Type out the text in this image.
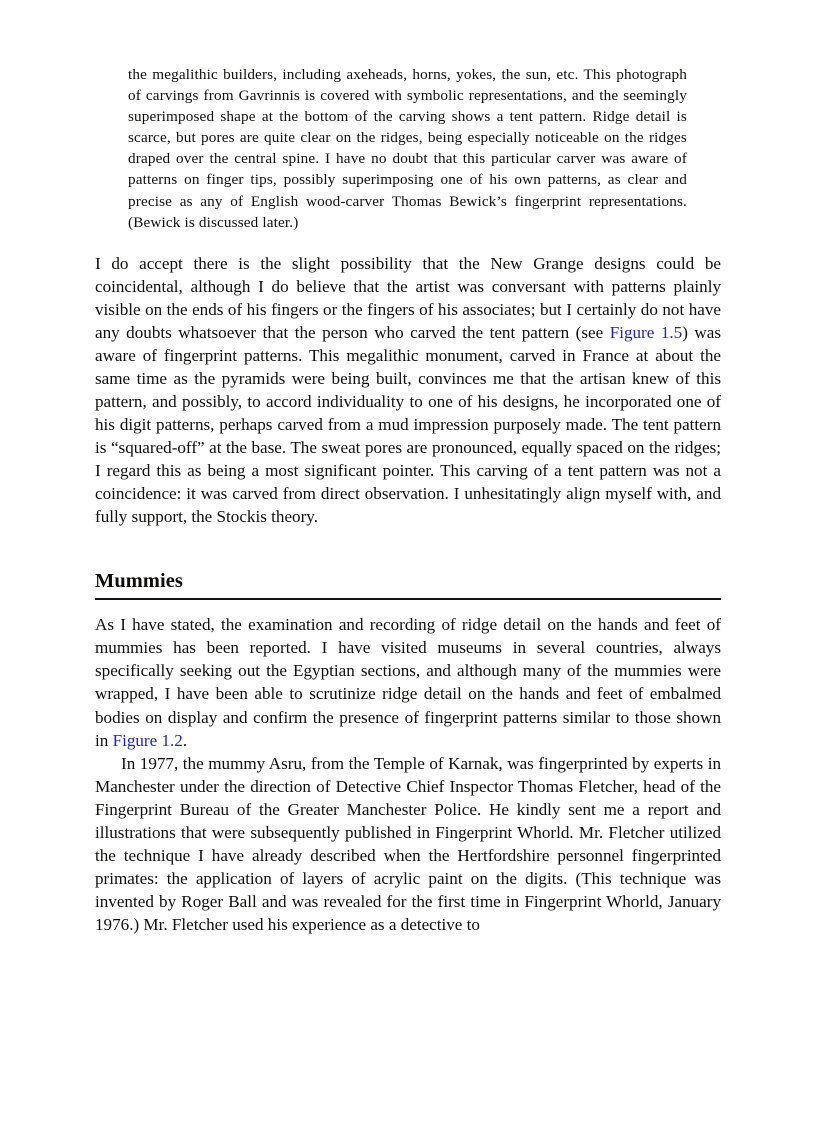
the megalithic builders, including axeheads, horns, yokes, the sun, etc. This photograph of carvings from Gavrinnis is covered with symbolic representations, and the seemingly superimposed shape at the bottom of the carving shows a tent pattern. Ridge detail is scarce, but pores are quite clear on the ridges, being especially noticeable on the ridges draped over the central spine. I have no doubt that this particular carver was aware of patterns on finger tips, possibly superimposing one of his own patterns, as clear and precise as any of English wood-carver Thomas Bewick’s fingerprint representations. (Bewick is discussed later.)

I do accept there is the slight possibility that the New Grange designs could be coincidental, although I do believe that the artist was conversant with patterns plainly visible on the ends of his fingers or the fingers of his associates; but I certainly do not have any doubts whatsoever that the person who carved the tent pattern (see Figure 1.5) was aware of fingerprint patterns. This megalithic monument, carved in France at about the same time as the pyramids were being built, convinces me that the artisan knew of this pattern, and possibly, to accord individuality to one of his designs, he incorporated one of his digit patterns, perhaps carved from a mud impression purposely made. The tent pattern is “squared-off” at the base. The sweat pores are pronounced, equally spaced on the ridges; I regard this as being a most significant pointer. This carving of a tent pattern was not a coincidence: it was carved from direct observation. I unhesitatingly align myself with, and fully support, the Stockis theory.

Mummies

As I have stated, the examination and recording of ridge detail on the hands and feet of mummies has been reported. I have visited museums in several countries, always specifically seeking out the Egyptian sections, and although many of the mummies were wrapped, I have been able to scrutinize ridge detail on the hands and feet of embalmed bodies on display and confirm the presence of fingerprint patterns similar to those shown in Figure 1.2.

In 1977, the mummy Asru, from the Temple of Karnak, was fingerprinted by experts in Manchester under the direction of Detective Chief Inspector Thomas Fletcher, head of the Fingerprint Bureau of the Greater Manchester Police. He kindly sent me a report and illustrations that were subsequently published in Fingerprint Whorld. Mr. Fletcher utilized the technique I have already described when the Hertfordshire personnel fingerprinted primates: the application of layers of acrylic paint on the digits. (This technique was invented by Roger Ball and was revealed for the first time in Fingerprint Whorld, January 1976.) Mr. Fletcher used his experience as a detective to
